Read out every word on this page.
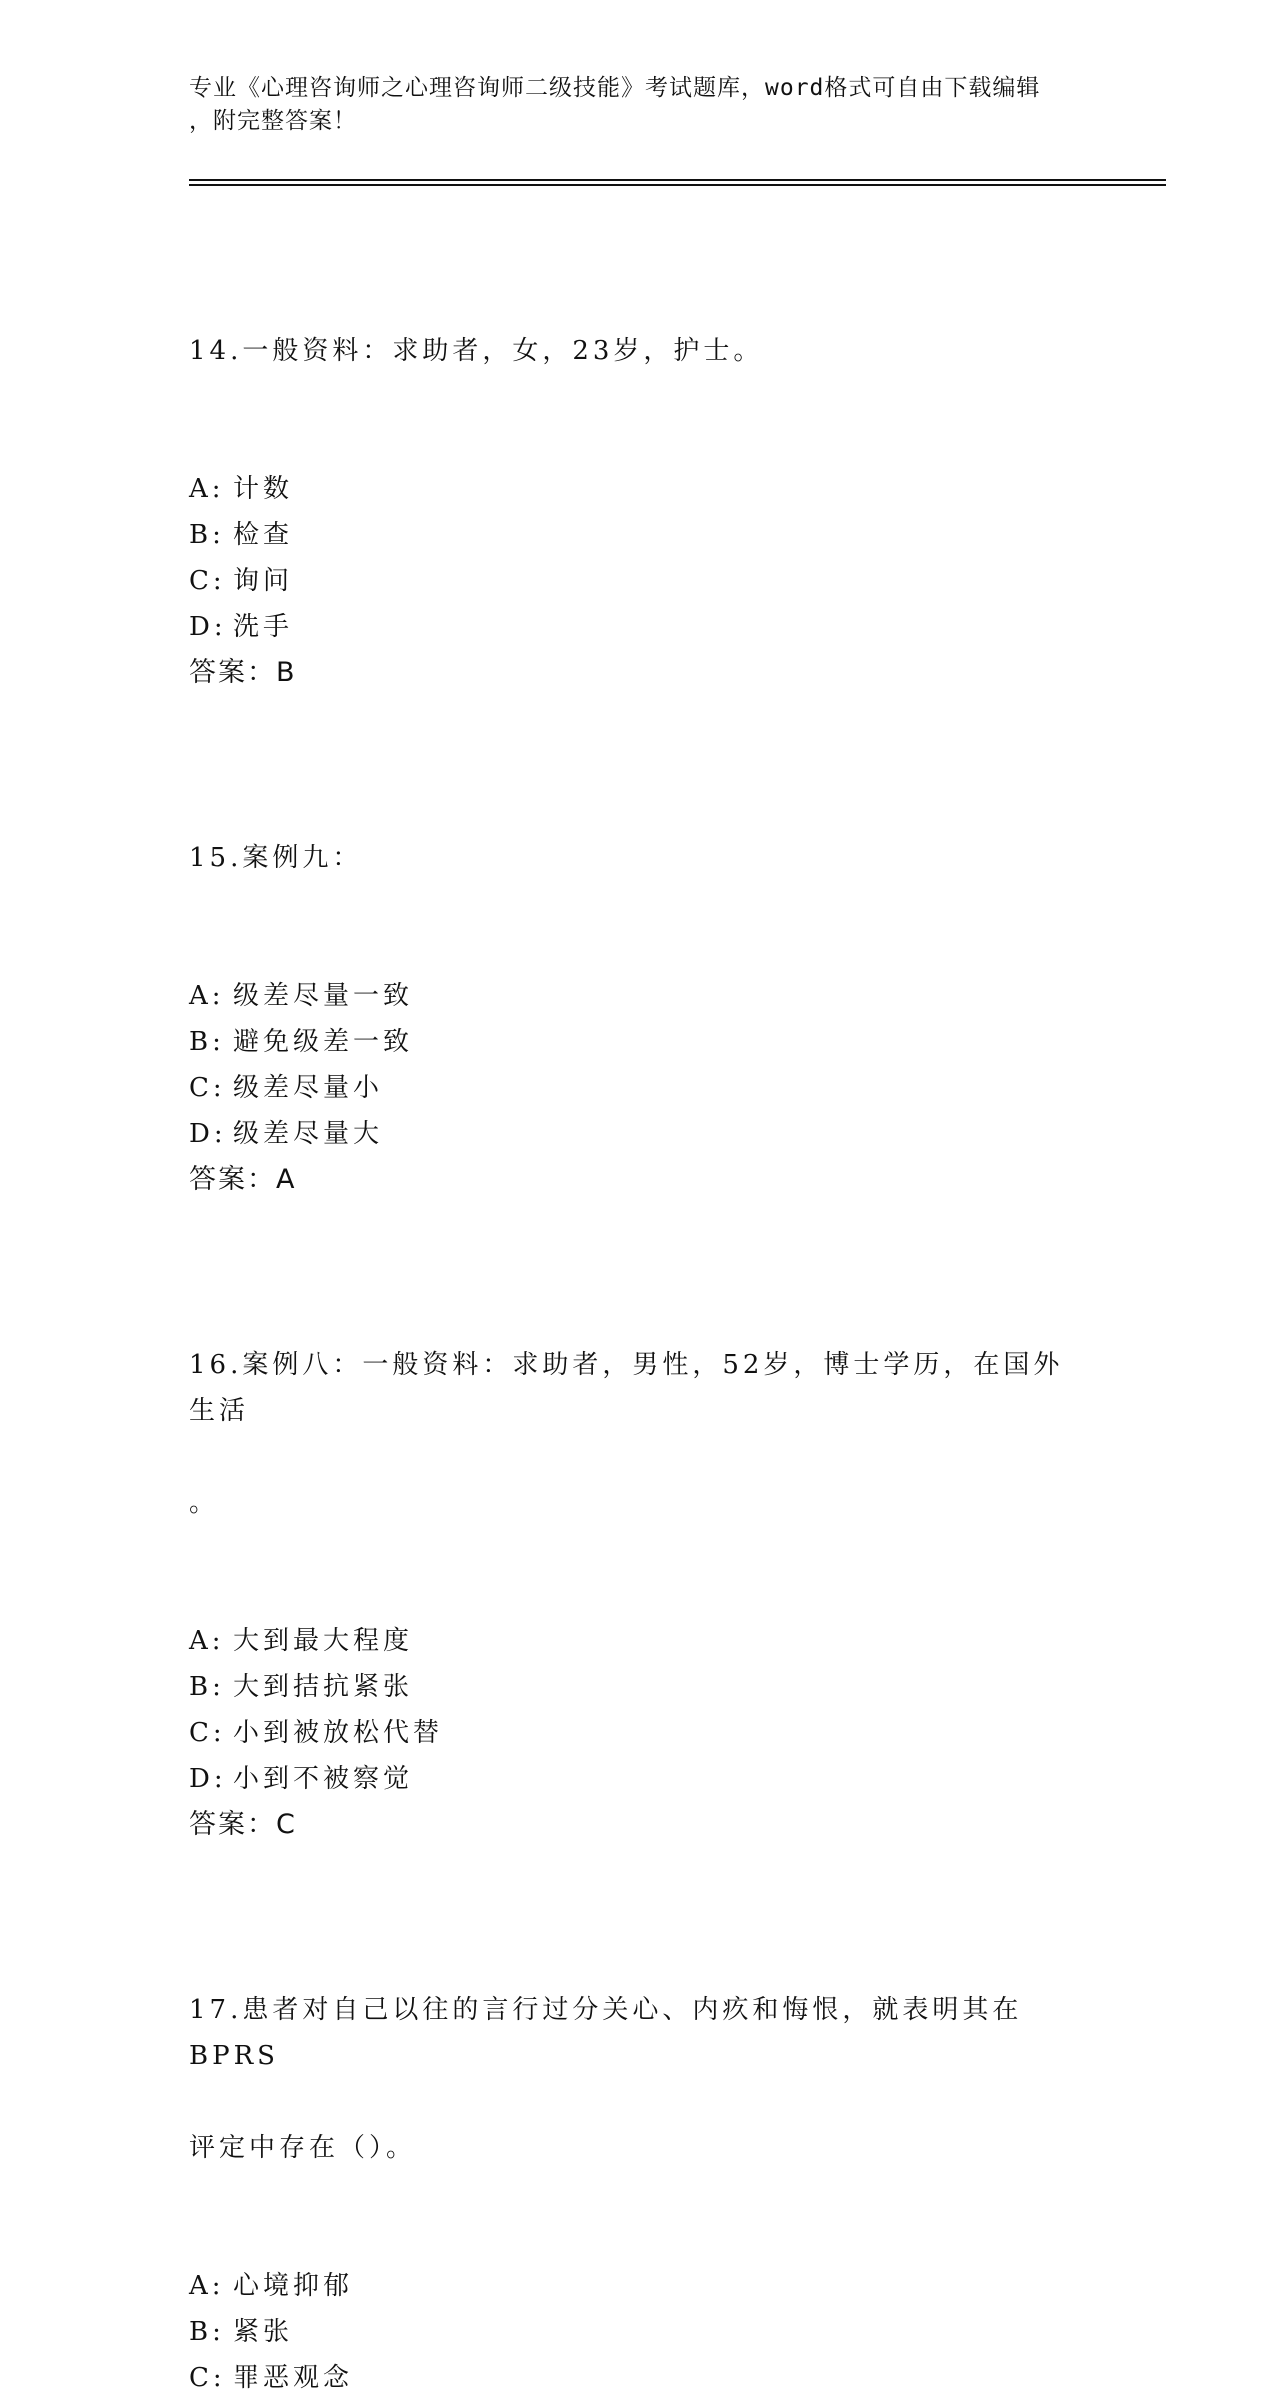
专业《心理咨询师之心理咨询师二级技能》考试题库，word格式可自由下载编辑
，附完整答案！

14.一般资料：求助者，女，23岁，护士。

A: 计数
B: 检查
C: 询问
D: 洗手
答案：B

15.案例九：

A: 级差尽量一致
B: 避免级差一致
C: 级差尽量小
D: 级差尽量大
答案：A

16.案例八：一般资料：求助者，男性，52岁，博士学历，在国外生活

。

A: 大到最大程度
B: 大到拮抗紧张
C: 小到被放松代替
D: 小到不被察觉
答案：C

17.患者对自己以往的言行过分关心、内疚和悔恨，就表明其在BPRS

评定中存在（）。

A: 心境抑郁
B: 紧张
C: 罪恶观念
